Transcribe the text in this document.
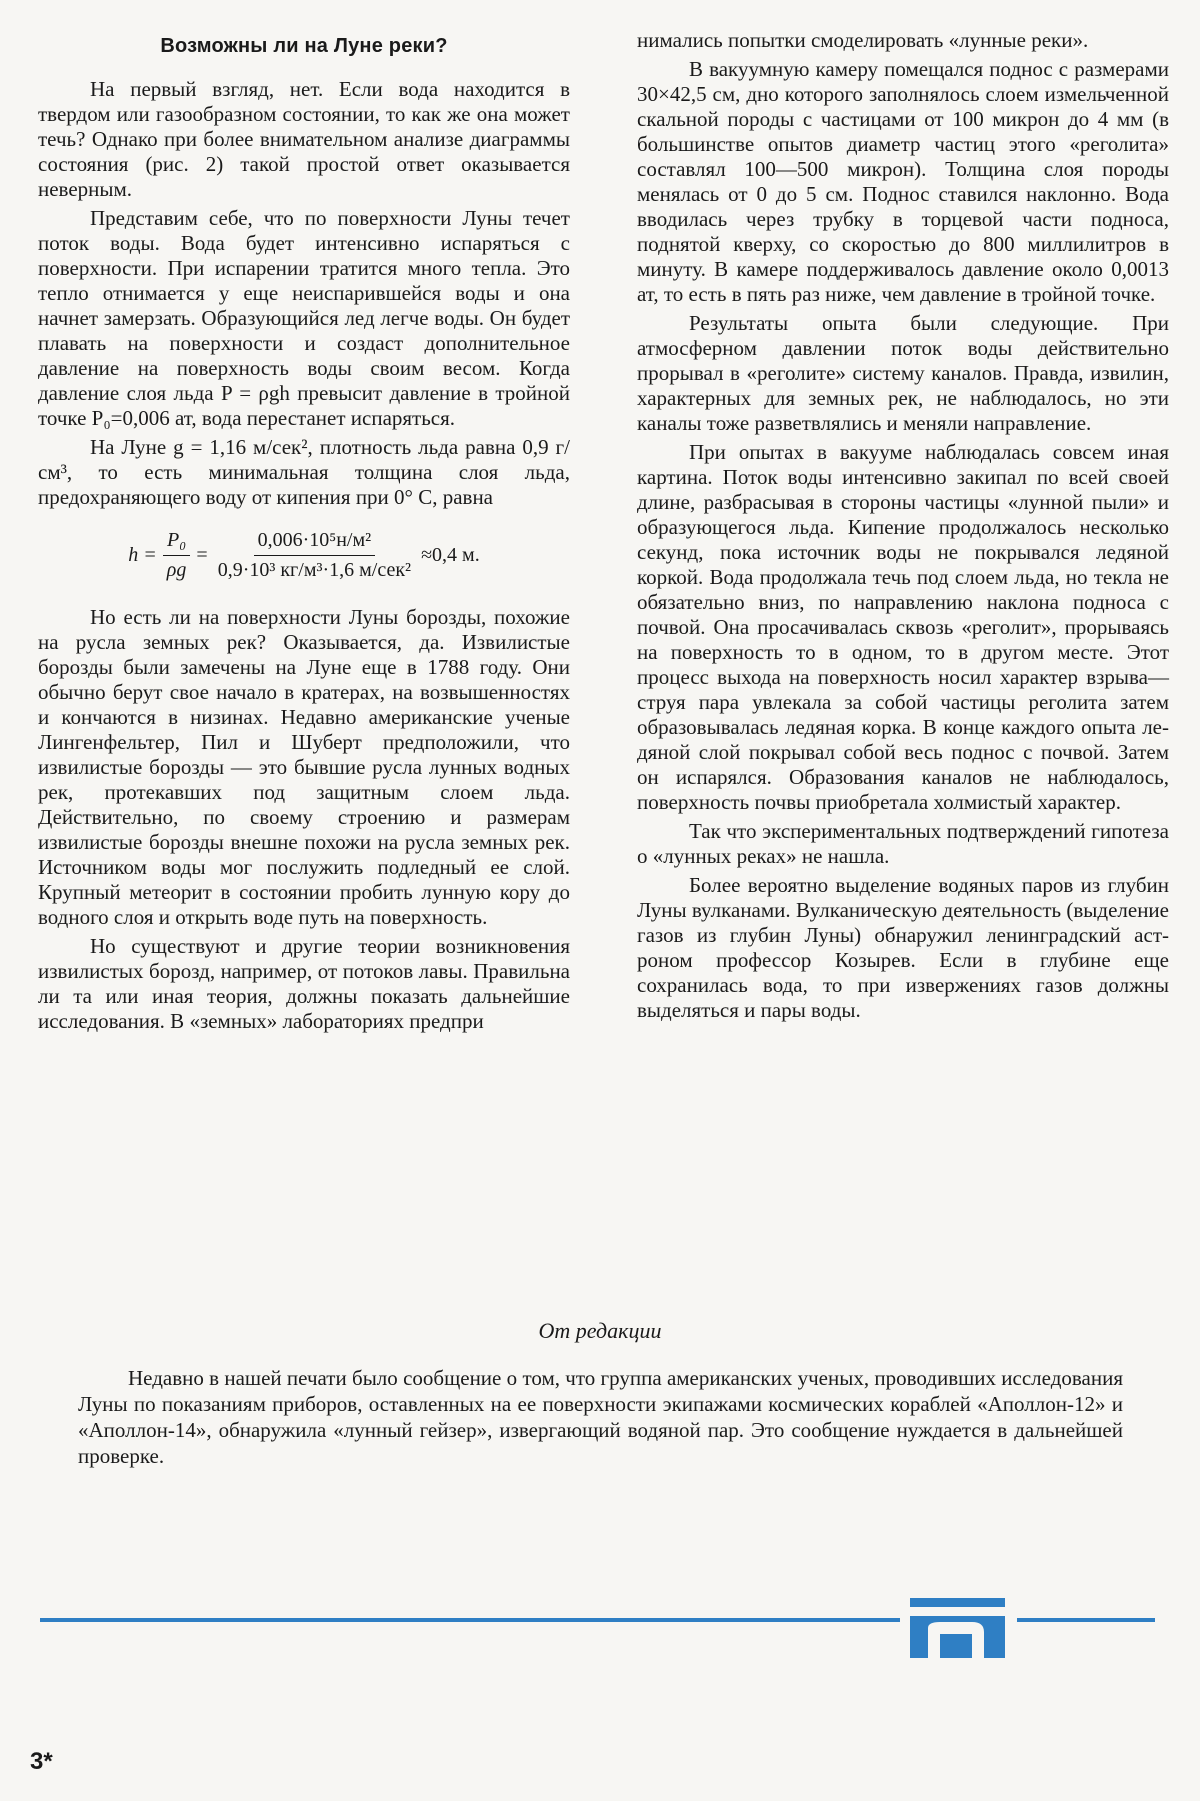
Возможны ли на Луне реки?

На первый взгляд, нет. Если вода находится в твердом или газообразном состоянии, то как же она может течь? Однако при более внимательном анализе диаграммы состояния (рис. 2) такой простой ответ оказывается неверным.

Представим себе, что по поверхности Луны течет поток воды. Вода будет интенсивно испаряться с поверхности. При испарении тратится много тепла. Это тепло отнимается у еще неиспарившейся воды и она начнет замерзать. Образующийся лед легче воды. Он будет плавать на поверхности и создаст дополнительное давление на поверхность воды своим весом. Когда давление слоя льда P = ρgh превысит давление в тройной точке P₀=0,006 ат, вода перестанет испаряться.

На Луне g = 1,16 м/сек², плотность льда равна 0,9 г/см³, то есть минимальная толщина слоя льда, предохраняющего воду от кипения при 0° С, равна

$h = \frac{\text{P₀}}{\rho g} = \frac{\text{0,006·10⁵н/м²}}{\text{0,9·10³ кг/м³·1,6 м/сек²}} \approx 0,4$ м.

Но есть ли на поверхности Луны борозды, похожие на русла земных рек? Оказывается, да. Извилистые борозды были замечены на Луне еще в 1788 году. Они обычно берут свое начало в кратерах, на возвышенностях и кончаются в низинах. Недавно американские ученые Лингенфельтер, Пил и Шуберт предположили, что извилистые борозды — это бывшие русла лунных водных рек, протекавших под защитным слоем льда. Действительно, по своему строению и размерам извилистые борозды внешне похожи на русла земных рек. Источником воды мог послужить подледный ее слой. Крупный метеорит в состоянии пробить лунную кору до водного слоя и открыть воде путь на поверхность.

Но существуют и другие теории возникновения извилистых борозд, например, от потоков лавы. Правильна ли та или иная теория, должны показать дальнейшие исследования. В «земных» лабораториях предпри

нимались попытки смоделировать «лунные реки».

В вакуумную камеру помещался поднос с размерами 30×42,5 см, дно которого заполнялось слоем измельченной скальной породы с частицами от 100 микрон до 4 мм (в большинстве опытов диаметр частиц этого «реголита» составлял 100—500 микрон). Толщина слоя породы менялась от 0 до 5 см. Поднос ставился наклонно. Вода вводилась через трубку в торцевой части подноса, поднятой кверху, со скоростью до 800 миллилитров в минуту. В камере поддерживалось давление около 0,0013 ат, то есть в пять раз ниже, чем давление в тройной точке.

Результаты опыта были следующие. При атмосферном давлении поток воды действительно прорывал в «реголите» систему каналов. Правда, извилин, характерных для земных рек, не наблюдалось, но эти каналы тоже разветвлялись и меняли направление.

При опытах в вакууме наблюдалась совсем иная картина. Поток воды интенсивно закипал по всей своей длине, разбрасывая в стороны частицы «лунной пыли» и образующегося льда. Кипение продолжалось несколько секунд, пока источник воды не покрывался ледяной коркой. Вода продолжала течь под слоем льда, но текла не обязательно вниз, по направлению наклона подноса с почвой. Она просачивалась сквозь «реголит», прорываясь на поверхность то в одном, то в другом месте. Этот процесс выхода на поверхность носил характер взрыва—струя пара увлекала за собой частицы реголита затем образовывалась ледяная корка. В конце каждого опыта ледяной слой покрывал собой весь поднос с почвой. Затем он испарялся. Образования каналов не наблюдалось, поверхность почвы приобретала холмистый характер.

Так что экспериментальных подтверждений гипотеза о «лунных реках» не нашла.

Более вероятно выделение водяных паров из глубин Луны вулканами. Вулканическую деятельность (выделение газов из глубин Луны) обнаружил ленинградский астроном профессор Козырев. Если в глубине еще сохранилась вода, то при извержениях газов должны выделяться и пары воды.

От редакции
Недавно в нашей печати было сообщение о том, что группа американских ученых, проводивших исследования Луны по показаниям приборов, оставленных на ее поверхности экипажами космических кораблей «Аполлон-12» и «Аполлон-14», обнаружила «лунный гейзер», извергающий водяной пар. Это сообщение нуждается в дальнейшей проверке.
3*
